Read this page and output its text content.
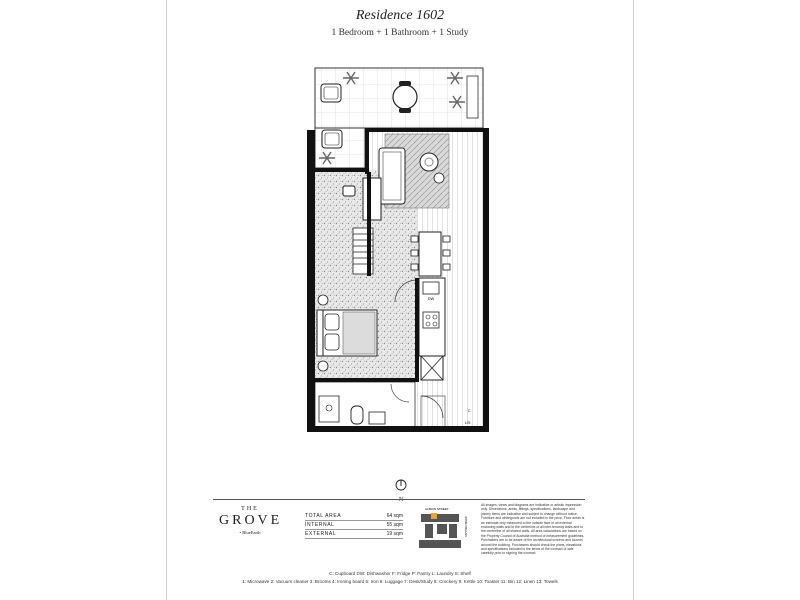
Residence 1602
1 Bedroom + 1 Bathroom + 1 Study
DW
C
L/S
N
THE
GROVE
• BlueEarth
TOTAL AREA	64 sqm
INTERNAL	55 sqm
EXTERNAL	19 sqm
ALBION STREET
JOSIE RIGLAN
All images, views and diagrams are indicative or artistic impression only. Dimensions, areas, fittings, specifications, landscape and joinery items are indicative and subject to change without notice. Furniture and whitegoods are not included in the price. Floor areas is an estimate only measured to the outside face of all external enclosing walls and to the centreline of all inter-tenancy walls and to the centreline of all shared walls. All area calculations are based on the Property Council of Australia method of measurement guidelines. Purchasers are to be aware of the architectural screens and louvres around the building. Purchasers should check the plans, elevations and specifications included in the terms of the contract of sale carefully prior to signing the contract.
C: Cupboard DW: Dishwasher F: Fridge P: Pantry L: Laundry S: Shelf
1: Microwave 2: Vacuum cleaner 3: Brooms 4: Ironing board 5: Iron 6: Luggage 7: Desk/Study 8: Crockery 9: Kettle 10: Toaster 11: Bin 12: Linen 13: Towels
